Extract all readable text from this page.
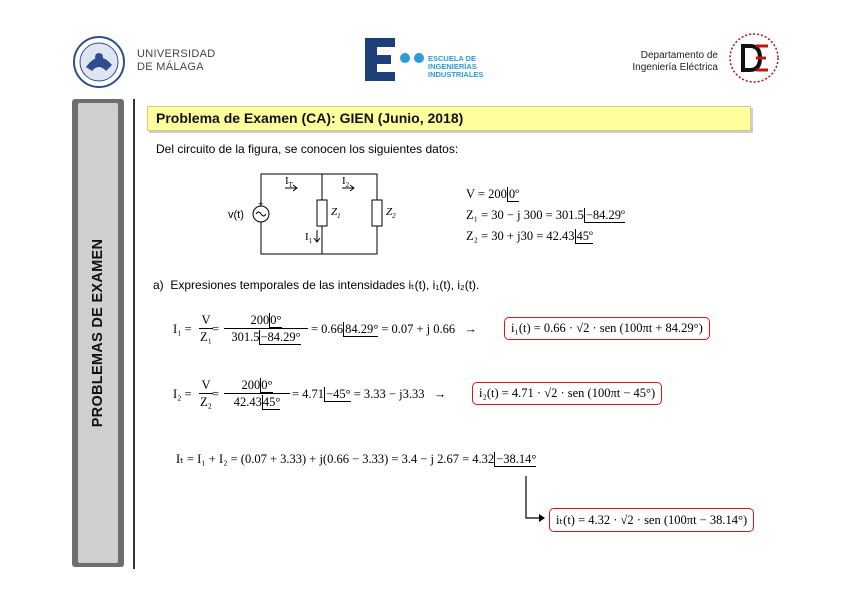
UNIVERSIDAD
DE MÁLAGA
ESCUELA DE
INGENIERÍAS
INDUSTRIALES
Departamento de
Ingeniería Eléctrica
PROBLEMAS DE EXAMEN
Problema de Examen (CA): GIEN (Junio, 2018)
Del circuito de la figura, se conocen los siguientes datos:
v(t)
+
$I_T$	$I_2$
$I_1$
$Z_1$	$Z_2$
V = 200 0º
Z₁ = 30 − j 300 = 301.5 −84.29º
Z₂ = 30 + j30 = 42.43 45º
a) Expresiones temporales de las intensidades iₜ(t), i₁(t), i₂(t).
$I_1 = \frac{V}{\text{Z₁}}$ =
2000°
301.5−84.29°
= 0.66 84.29° = 0.07 + j 0.66 →	i₁(t) = 0.66 · √2 · sen (100πt + 84.29°)
$I_2 = \frac{V}{\text{Z₂}}$ =
2000°
42.4345°
= 4.71 −45° = 3.33 − j3.33 →	i₂(t) = 4.71 · √2 · sen (100πt − 45°)
Iₜ = I₁ + I₂ = (0.07 + 3.33) + j(0.66 − 3.33) = 3.4 − j 2.67 = 4.32 −38.14°
iₜ(t) = 4.32 · √2 · sen (100πt − 38.14°)
